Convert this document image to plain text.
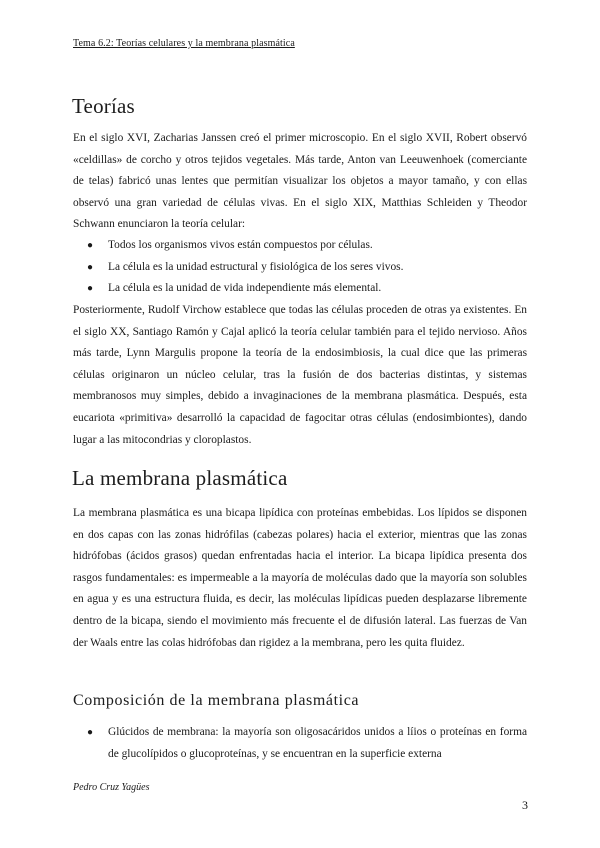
Tema 6.2: Teorías celulares y la membrana plasmática
Teorías

En el siglo XVI, Zacharias Janssen creó el primer microscopio. En el siglo XVII, Robert observó «celdillas» de corcho y otros tejidos vegetales. Más tarde, Anton van Leeuwenhoek (comerciante de telas) fabricó unas lentes que permitían visualizar los objetos a mayor tamaño, y con ellas observó una gran variedad de células vivas. En el siglo XIX, Matthias Schleiden y Theodor Schwann enunciaron la teoría celular:

● Todos los organismos vivos están compuestos por células.
● La célula es la unidad estructural y fisiológica de los seres vivos.
● La célula es la unidad de vida independiente más elemental.

Posteriormente, Rudolf Virchow establece que todas las células proceden de otras ya existentes. En el siglo XX, Santiago Ramón y Cajal aplicó la teoría celular también para el tejido nervioso. Años más tarde, Lynn Margulis propone la teoría de la endosimbiosis, la cual dice que las primeras células originaron un núcleo celular, tras la fusión de dos bacterias distintas, y sistemas membranosos muy simples, debido a invaginaciones de la membrana plasmática. Después, esta eucariota «primitiva» desarrolló la capacidad de fagocitar otras células (endosimbiontes), dando lugar a las mitocondrias y cloroplastos.

La membrana plasmática

La membrana plasmática es una bicapa lipídica con proteínas embebidas. Los lípidos se disponen en dos capas con las zonas hidrófilas (cabezas polares) hacia el exterior, mientras que las zonas hidrófobas (ácidos grasos) quedan enfrentadas hacia el interior. La bicapa lipídica presenta dos rasgos fundamentales: es impermeable a la mayoría de moléculas dado que la mayoría son solubles en agua y es una estructura fluida, es decir, las moléculas lipídicas pueden desplazarse libremente dentro de la bicapa, siendo el movimiento más frecuente el de difusión lateral. Las fuerzas de Van der Waals entre las colas hidrófobas dan rigidez a la membrana, pero les quita fluidez.

Composición de la membrana plasmática
● Glúcidos de membrana: la mayoría son oligosacáridos unidos a líios o proteínas en forma de glucolípidos o glucoproteínas, y se encuentran en la superficie externa
Pedro Cruz Yagües
3
